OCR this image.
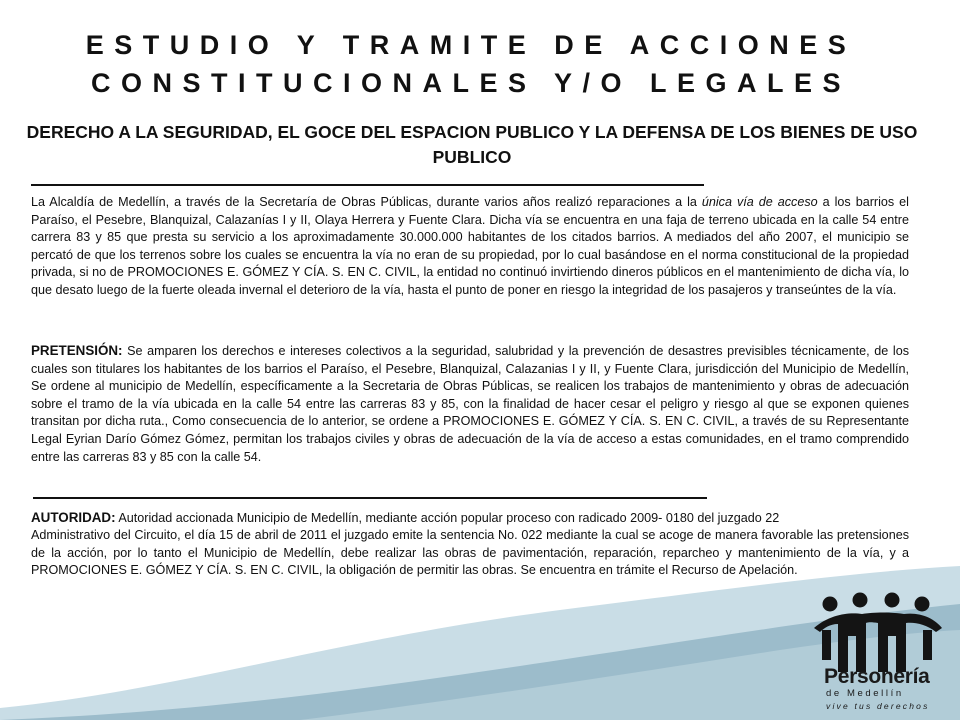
ESTUDIO Y TRAMITE DE ACCIONES
CONSTITUCIONALES Y/O LEGALES
DERECHO A LA SEGURIDAD, EL GOCE DEL ESPACION PUBLICO Y LA DEFENSA DE LOS BIENES DE USO PUBLICO

La Alcaldía de Medellín, a través de la Secretaría de Obras Públicas, durante varios años realizó reparaciones a la única vía de acceso a los barrios el Paraíso, el Pesebre, Blanquizal, Calazanías I y II, Olaya Herrera y Fuente Clara. Dicha vía se encuentra en una faja de terreno ubicada en la calle 54 entre carrera 83 y 85 que presta su servicio a los aproximadamente 30.000.000 habitantes de los citados barrios. A mediados del año 2007, el municipio se percató de que los terrenos sobre los cuales se encuentra la vía no eran de su propiedad, por lo cual basándose en el norma constitucional de la propiedad privada, si no de PROMOCIONES E. GÓMEZ Y CÍA. S. EN C. CIVIL, la entidad no continuó invirtiendo dineros públicos en el mantenimiento de dicha vía, lo que desato luego de la fuerte oleada invernal el deterioro de la vía, hasta el punto de poner en riesgo la integridad de los pasajeros y transeúntes de la vía.

PRETENSIÓN: Se amparen los derechos e intereses colectivos a la seguridad, salubridad y la prevención de desastres previsibles técnicamente, de los cuales son titulares los habitantes de los barrios el Paraíso, el Pesebre, Blanquizal, Calazanias I y II, y Fuente Clara, jurisdicción del Municipio de Medellín, Se ordene al municipio de Medellín, específicamente a la Secretaria de Obras Públicas, se realicen los trabajos de mantenimiento y obras de adecuación sobre el tramo de la vía ubicada en la calle 54 entre las carreras 83 y 85, con la finalidad de hacer cesar el peligro y riesgo al que se exponen quienes transitan por dicha ruta., Como consecuencia de lo anterior, se ordene a PROMOCIONES E. GÓMEZ Y CÍA. S. EN C. CIVIL, a través de su Representante Legal Eyrian Darío Gómez Gómez, permitan los trabajos civiles y obras de adecuación de la vía de acceso a estas comunidades, en el tramo comprendido entre las carreras 83 y 85 con la calle 54.

AUTORIDAD: Autoridad accionada Municipio de Medellín, mediante acción popular proceso con radicado 2009- 0180 del juzgado 22
Administrativo del Circuito, el día 15 de abril de 2011 el juzgado emite la sentencia No. 022 mediante la cual se acoge de manera favorable las pretensiones de la acción, por lo tanto el Municipio de Medellín, debe realizar las obras de pavimentación, reparación, reparcheo y mantenimiento de la vía, y a PROMOCIONES E. GÓMEZ Y CÍA. S. EN C. CIVIL, la obligación de permitir las obras. Se encuentra en trámite el Recurso de Apelación.

Personería
de Medellín
vive tus derechos
